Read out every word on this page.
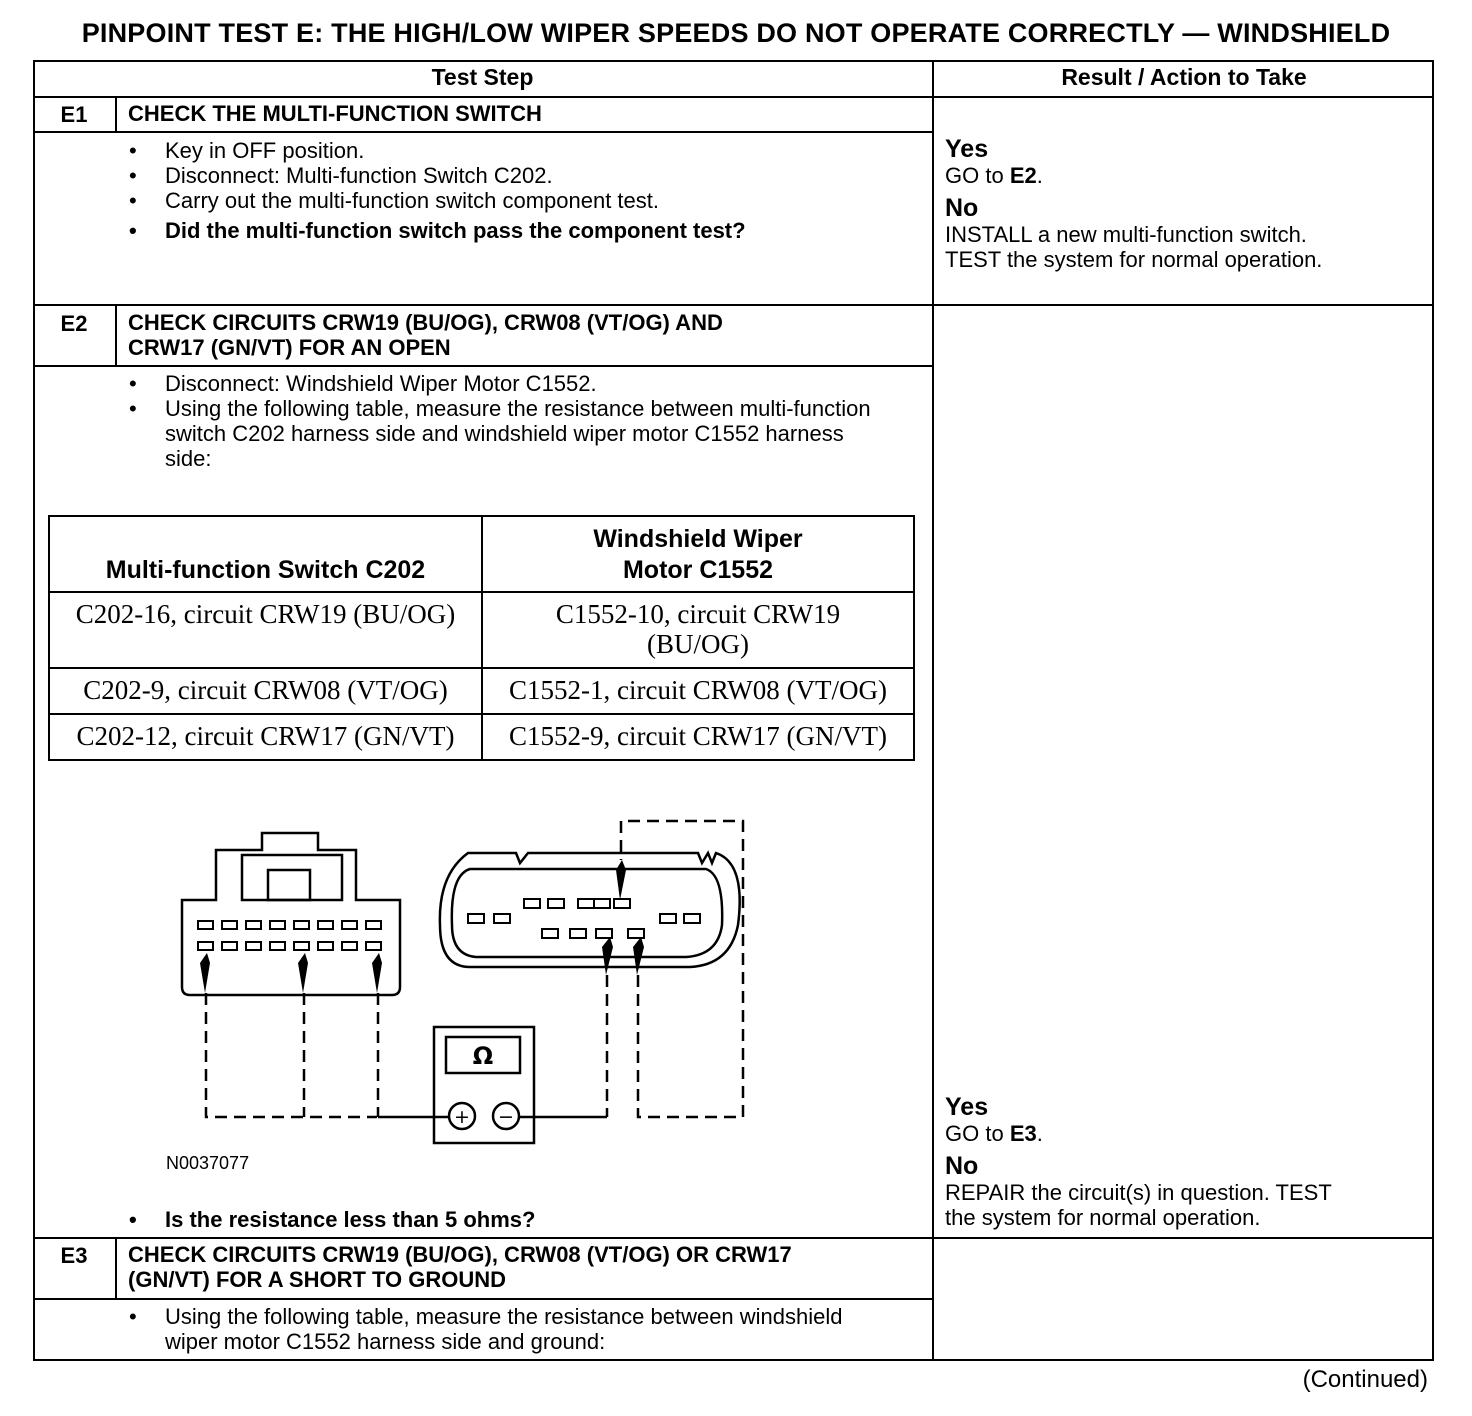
PINPOINT TEST E: THE HIGH/LOW WIPER SPEEDS DO NOT OPERATE CORRECTLY — WINDSHIELD
Test Step	Result / Action to Take
E1	CHECK THE MULTI-FUNCTION SWITCH
• Key in OFF position.
• Disconnect: Multi-function Switch C202.
• Carry out the multi-function switch component test.
• Did the multi-function switch pass the component test?
Yes
GO to E2.
No
INSTALL a new multi-function switch.
TEST the system for normal operation.
E2	CHECK CIRCUITS CRW19 (BU/OG), CRW08 (VT/OG) AND
CRW17 (GN/VT) FOR AN OPEN
• Disconnect: Windshield Wiper Motor C1552.
• Using the following table, measure the resistance between multi-function switch C202 harness side and windshield wiper motor C1552 harness side:
Multi-function Switch C202	Windshield Wiper Motor C1552

C202-16, circuit CRW19 (BU/OG)	C1552-10, circuit CRW19 (BU/OG)

C202-9, circuit CRW08 (VT/OG)	C1552-1, circuit CRW08 (VT/OG)
C202-12, circuit CRW17 (GN/VT)	C1552-9, circuit CRW17 (GN/VT)
Ω
+ −
N0037077
• Is the resistance less than 5 ohms?
Yes
GO to E3.
No
REPAIR the circuit(s) in question. TEST
the system for normal operation.
E3	CHECK CIRCUITS CRW19 (BU/OG), CRW08 (VT/OG) OR CRW17
(GN/VT) FOR A SHORT TO GROUND
• Using the following table, measure the resistance between windshield wiper motor C1552 harness side and ground:
(Continued)
